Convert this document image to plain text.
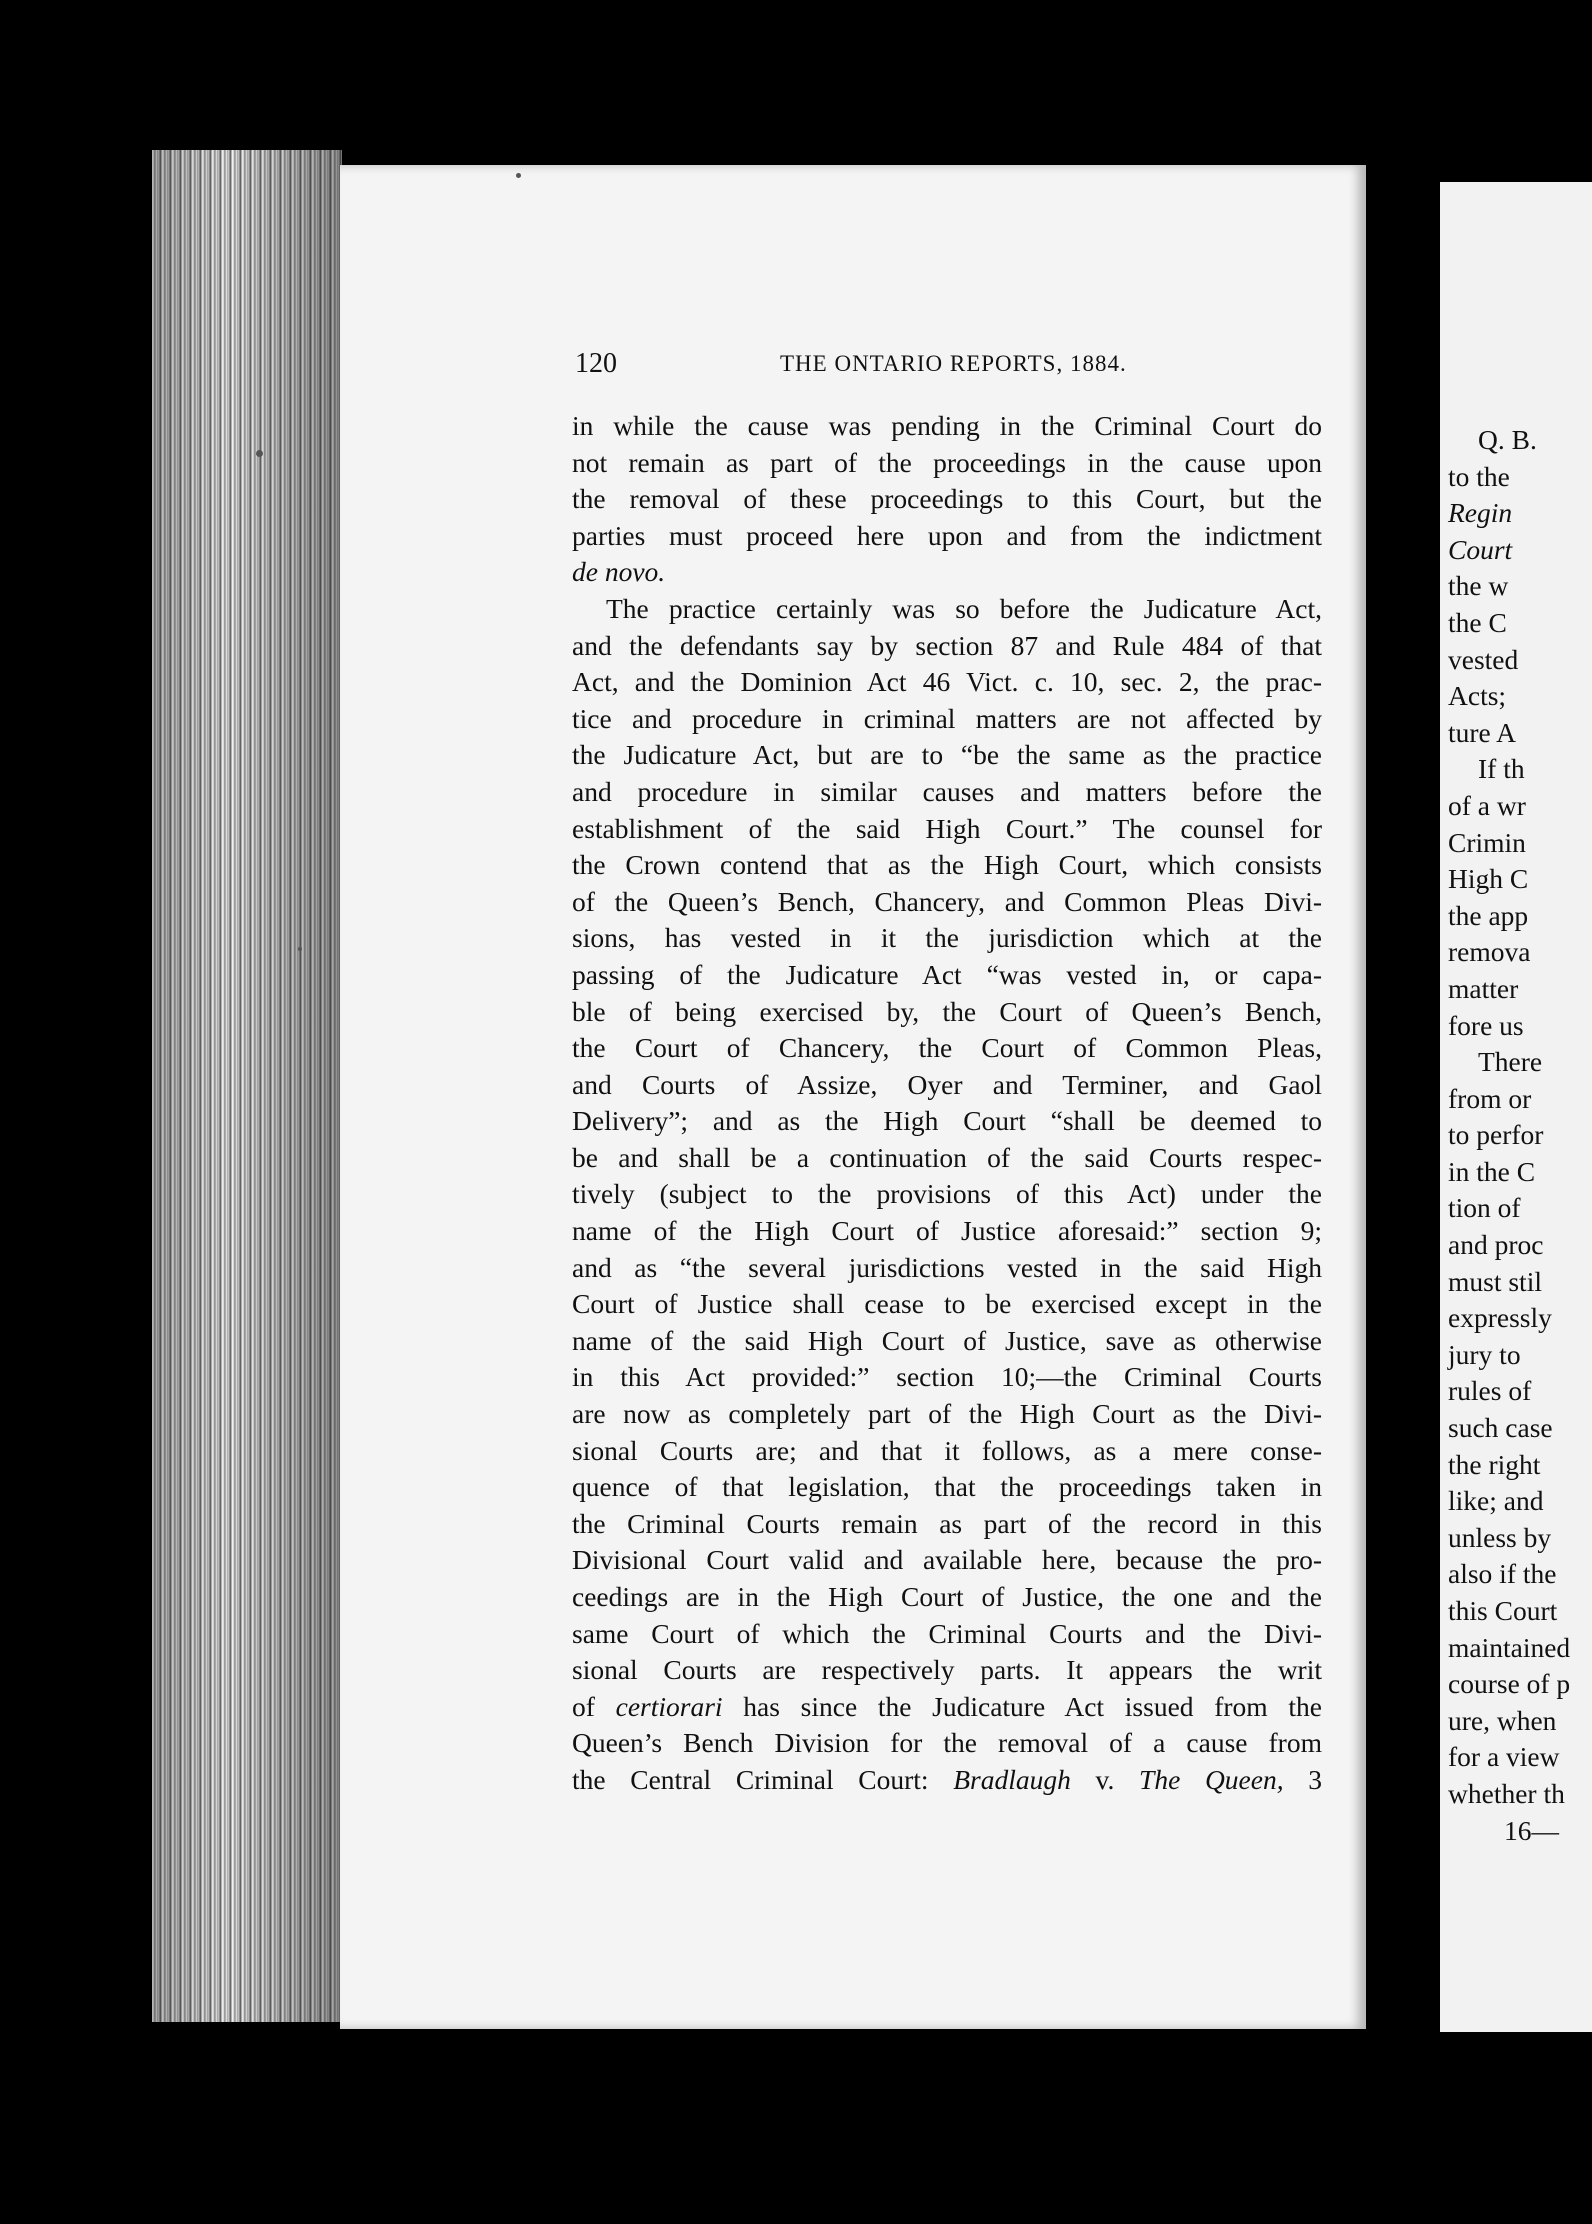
120	THE ONTARIO REPORTS, 1884.
in while the cause was pending in the Criminal Court do
not remain as part of the proceedings in the cause upon
the removal of these proceedings to this Court, but the
parties must proceed here upon and from the indictment
de novo.
The practice certainly was so before the Judicature Act,
and the defendants say by section 87 and Rule 484 of that
Act, and the Dominion Act 46 Vict. c. 10, sec. 2, the prac-
tice and procedure in criminal matters are not affected by
the Judicature Act, but are to “be the same as the practice
and procedure in similar causes and matters before the
establishment of the said High Court.” The counsel for
the Crown contend that as the High Court, which consists
of the Queen’s Bench, Chancery, and Common Pleas Divi-
sions, has vested in it the jurisdiction which at the
passing of the Judicature Act “was vested in, or capa-
ble of being exercised by, the Court of Queen’s Bench,
the Court of Chancery, the Court of Common Pleas,
and Courts of Assize, Oyer and Terminer, and Gaol
Delivery”; and as the High Court “shall be deemed to
be and shall be a continuation of the said Courts respec-
tively (subject to the provisions of this Act) under the
name of the High Court of Justice aforesaid:” section 9;
and as “the several jurisdictions vested in the said High
Court of Justice shall cease to be exercised except in the
name of the said High Court of Justice, save as otherwise
in this Act provided:” section 10;—the Criminal Courts
are now as completely part of the High Court as the Divi-
sional Courts are; and that it follows, as a mere conse-
quence of that legislation, that the proceedings taken in
the Criminal Courts remain as part of the record in this
Divisional Court valid and available here, because the pro-
ceedings are in the High Court of Justice, the one and the
same Court of which the Criminal Courts and the Divi-
sional Courts are respectively parts. It appears the writ
of certiorari has since the Judicature Act issued from the
Queen’s Bench Division for the removal of a cause from
the Central Criminal Court: Bradlaugh v. The Queen, 3
Q. B.
to the
Regin
Court
the w
the C
vested
Acts;
ture A
If th
of a wr
Crimin
High C
the app
remova
matter
fore us
There
from or
to perfor
in the C
tion of
and proc
must stil
expressly
jury to
rules of
such case
the right
like; and
unless by
also if the
this Court
maintained
course of p
ure, when
for a view
whether th
16—
